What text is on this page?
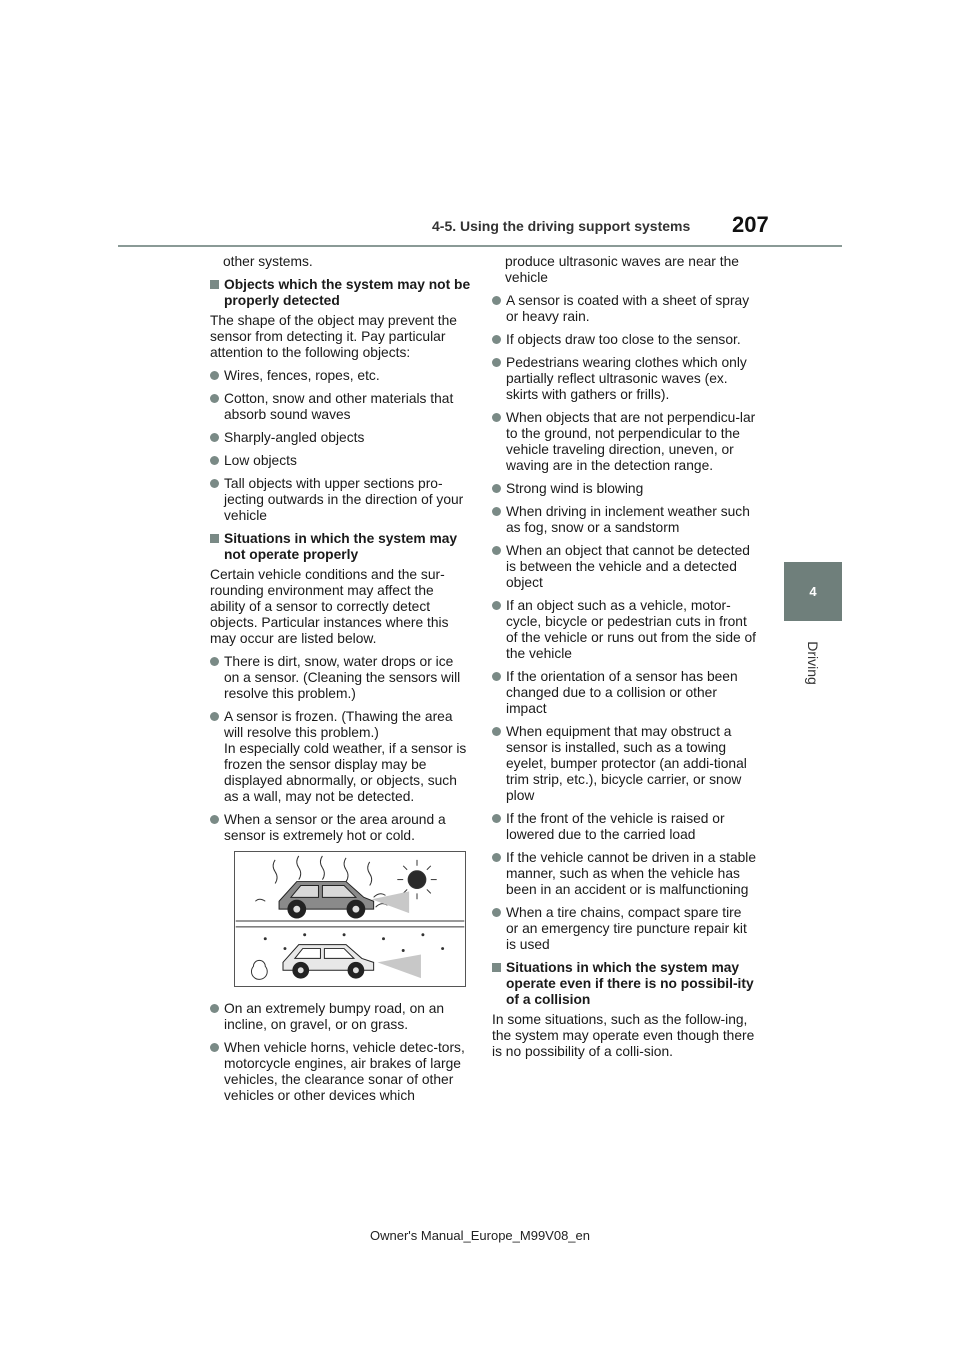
4-5. Using the driving support systems 207
4
Driving

other systems.

Objects which the system may not be properly detected

The shape of the object may prevent the sensor from detecting it. Pay particular attention to the following objects:

Wires, fences, ropes, etc.
Cotton, snow and other materials that absorb sound waves
Sharply-angled objects
Low objects
Tall objects with upper sections pro-jecting outwards in the direction of your vehicle
Situations in which the system may not operate properly

Certain vehicle conditions and the sur-rounding environment may affect the ability of a sensor to correctly detect objects. Particular instances where this may occur are listed below.

There is dirt, snow, water drops or ice on a sensor. (Cleaning the sensors will resolve this problem.)
A sensor is frozen. (Thawing the area will resolve this problem.)
In especially cold weather, if a sensor is frozen the sensor display may be displayed abnormally, or objects, such as a wall, may not be detected.
When a sensor or the area around a sensor is extremely hot or cold.
On an extremely bumpy road, on an incline, on gravel, or on grass.
When vehicle horns, vehicle detec-tors, motorcycle engines, air brakes of large vehicles, the clearance sonar of other vehicles or other devices which

produce ultrasonic waves are near the vehicle

A sensor is coated with a sheet of spray or heavy rain.
If objects draw too close to the sensor.
Pedestrians wearing clothes which only partially reflect ultrasonic waves (ex. skirts with gathers or frills).
When objects that are not perpendicu-lar to the ground, not perpendicular to the vehicle traveling direction, uneven, or waving are in the detection range.
Strong wind is blowing
When driving in inclement weather such as fog, snow or a sandstorm
When an object that cannot be detected is between the vehicle and a detected object
If an object such as a vehicle, motor-cycle, bicycle or pedestrian cuts in front of the vehicle or runs out from the side of the vehicle
If the orientation of a sensor has been changed due to a collision or other impact
When equipment that may obstruct a sensor is installed, such as a towing eyelet, bumper protector (an addi-tional trim strip, etc.), bicycle carrier, or snow plow
If the front of the vehicle is raised or lowered due to the carried load
If the vehicle cannot be driven in a stable manner, such as when the vehicle has been in an accident or is malfunctioning
When a tire chains, compact spare tire or an emergency tire puncture repair kit is used
Situations in which the system may operate even if there is no possibil-ity of a collision

In some situations, such as the follow-ing, the system may operate even though there is no possibility of a colli-sion.

Owner's Manual_Europe_M99V08_en
